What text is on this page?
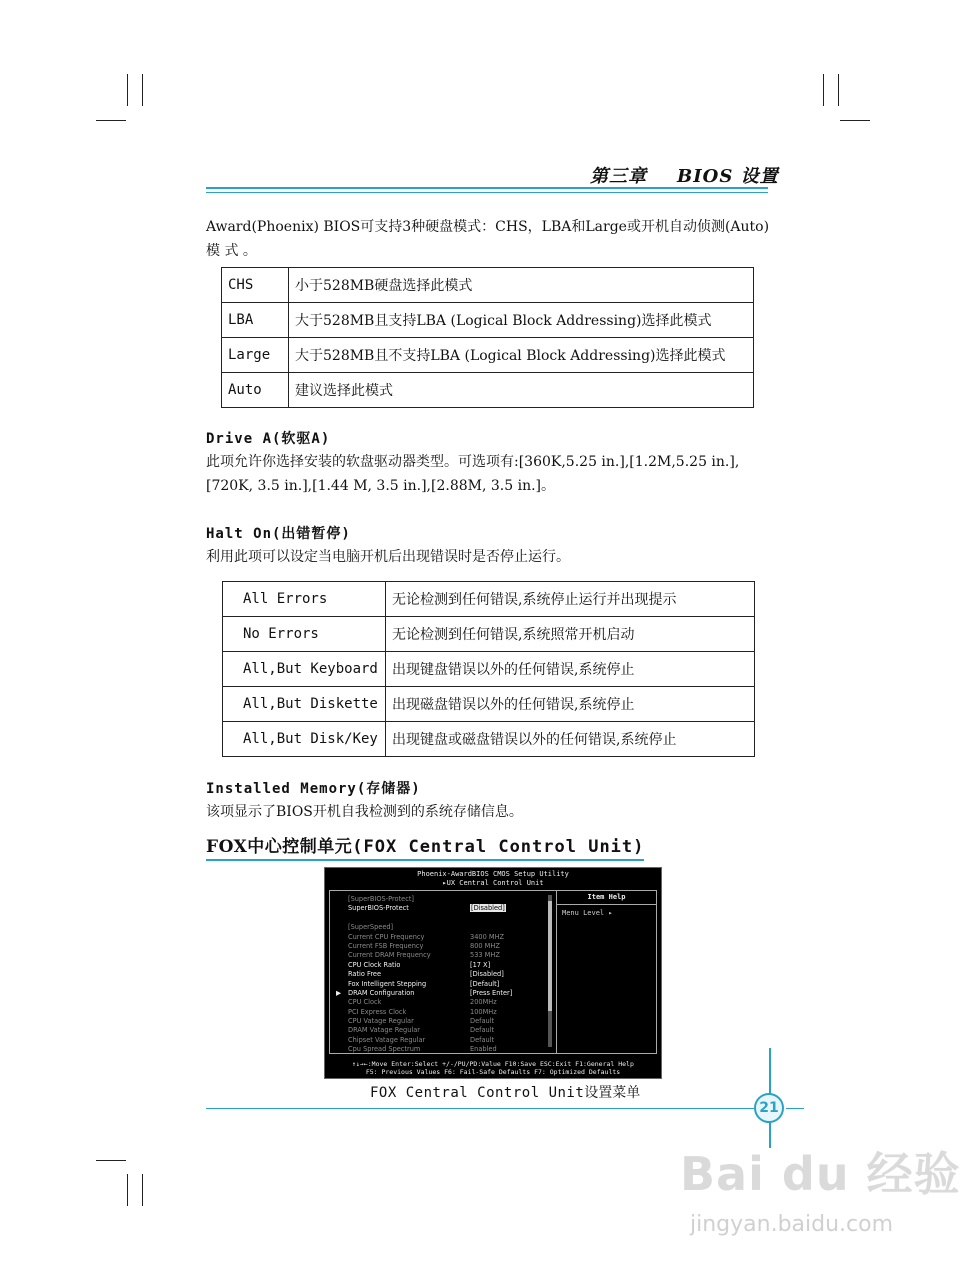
第三章 BIOS 设置
Award(Phoenix) BIOS可支持3种硬盘模式：CHS，LBA和Large或开机自动侦测(Auto)
模 式 。
CHS	小于528MB硬盘选择此模式
LBA	大于528MB且支持LBA (Logical Block Addressing)选择此模式
Large	大于528MB且不支持LBA (Logical Block Addressing)选择此模式
Auto	建议选择此模式
Drive A(软驱A)
此项允许你选择安装的软盘驱动器类型。可选项有:[360K,5.25 in.],[1.2M,5.25 in.],
[720K, 3.5 in.],[1.44 M, 3.5 in.],[2.88M, 3.5 in.]。
Halt On(出错暂停)
利用此项可以设定当电脑开机后出现错误时是否停止运行。
All Errors	无论检测到任何错误,系统停止运行并出现提示
No Errors	无论检测到任何错误,系统照常开机启动
All,But Keyboard	出现键盘错误以外的任何错误,系统停止
All,But Diskette	出现磁盘错误以外的任何错误,系统停止
All,But Disk/Key	出现键盘或磁盘错误以外的任何错误,系统停止
Installed Memory(存储器)
该项显示了BIOS开机自我检测到的系统存储信息。
FOX中心控制单元(FOX Central Control Unit)
Phoenix-AwardBIOS CMOS Setup Utility
▸UX Central Control Unit
Item Help
Menu Level ▸
[SuperBIOS-Protect]
SuperBIOS-Protect	[Disabled]
[SuperSpeed]
Current CPU Frequency	3400 MHZ
Current FSB Frequency	800 MHZ
Current DRAM Frequency	533 MHZ
CPU Clock Ratio	[17 X]
Ratio Free	[Disabled]
Fox Intelligent Stepping	[Default]
▶ DRAM Configuration	[Press Enter]
CPU Clock	200MHz
PCI Express Clock	100MHz
CPU Vatage Regular	Default
DRAM Vatage Regular	Default
Chipset Vatage Regular	Default
Cpu Spread Spectrum	Enabled
↑↓→←:Move Enter:Select +/-/PU/PD:Value F10:Save ESC:Exit F1:General Help
F5: Previous Values F6: Fail-Safe Defaults F7: Optimized Defaults
FOX Central Control Unit设置菜单
21
Bai du 经验
jingyan.baidu.com
